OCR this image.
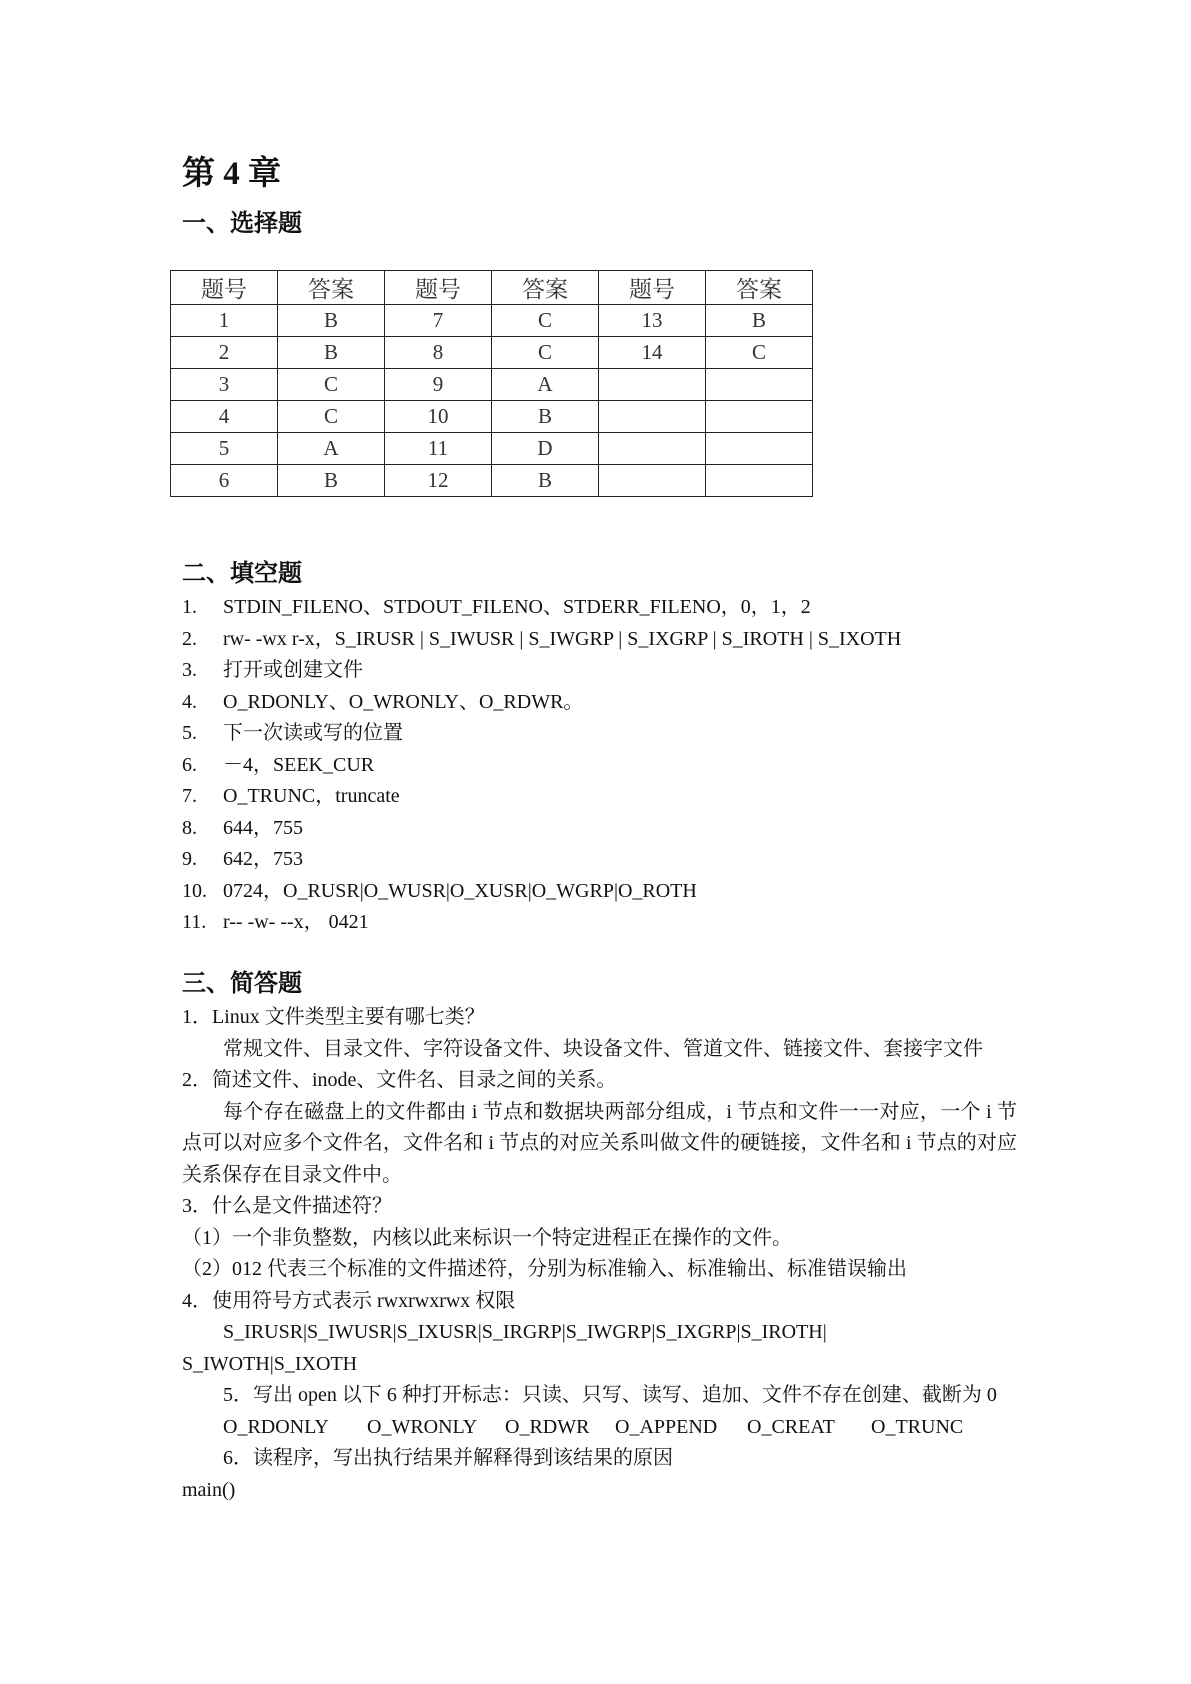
第 4 章
一、选择题
题号	答案	题号	答案	题号	答案
1	B	7	C	13	B
2	B	8	C	14	C
3	C	9	A		
4	C	10	B		
5	A	11	D		
6	B	12	B		
二、填空题
1. STDIN_FILENO、STDOUT_FILENO、STDERR_FILENO，0，1，2
2. rw- -wx r-x，S_IRUSR | S_IWUSR | S_IWGRP | S_IXGRP | S_IROTH | S_IXOTH
3. 打开或创建文件
4. O_RDONLY、O_WRONLY、O_RDWR。
5. 下一次读或写的位置
6. －4，SEEK_CUR
7. O_TRUNC，truncate
8. 644，755
9. 642，753
10. 0724，O_RUSR|O_WUSR|O_XUSR|O_WGRP|O_ROTH
11. r-- -w- --x， 0421
三、简答题

1．Linux 文件类型主要有哪七类？

常规文件、目录文件、字符设备文件、块设备文件、管道文件、链接文件、套接字文件

2．简述文件、inode、文件名、目录之间的关系。

每个存在磁盘上的文件都由 i 节点和数据块两部分组成，i 节点和文件一一对应，一个 i 节点可以对应多个文件名，文件名和 i 节点的对应关系叫做文件的硬链接，文件名和 i 节点的对应关系保存在目录文件中。

3．什么是文件描述符？

（1）一个非负整数，内核以此来标识一个特定进程正在操作的文件。

（2）012 代表三个标准的文件描述符，分别为标准输入、标准输出、标准错误输出

4．使用符号方式表示 rwxrwxrwx 权限

S_IRUSR|S_IWUSR|S_IXUSR|S_IRGRP|S_IWGRP|S_IXGRP|S_IROTH|

S_IWOTH|S_IXOTH

5．写出 open 以下 6 种打开标志：只读、只写、读写、追加、文件不存在创建、截断为 0

O_RDONLY	O_WRONLY	O_RDWR	O_APPEND	O_CREAT	O_TRUNC

6．读程序，写出执行结果并解释得到该结果的原因

main()
